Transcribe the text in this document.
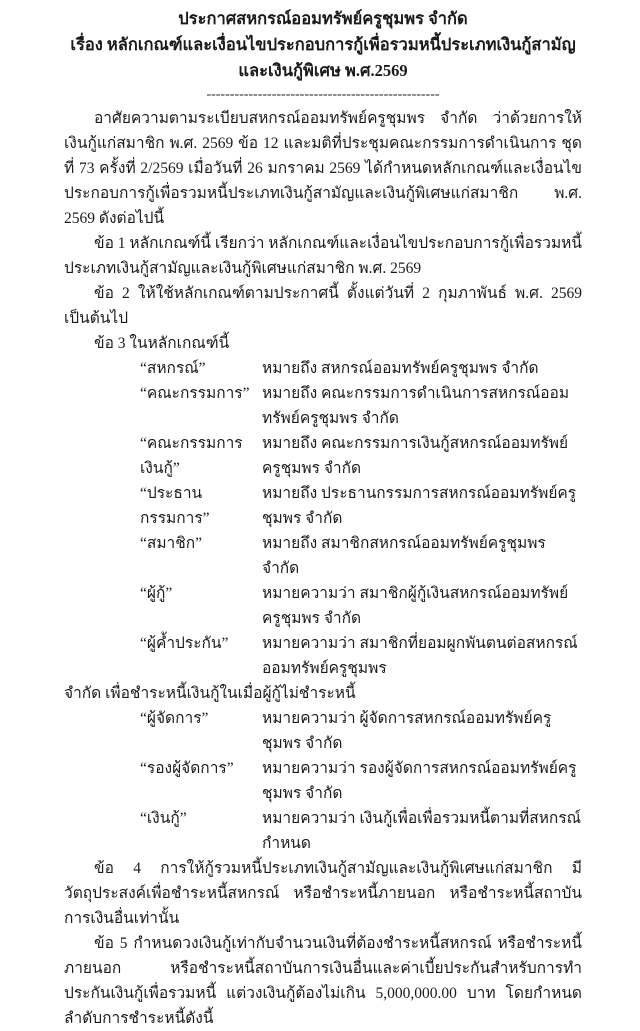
ประกาศสหกรณ์ออมทรัพย์ครูชุมพร จำกัด
เรื่อง หลักเกณฑ์และเงื่อนไขประกอบการกู้เพื่อรวมหนี้ประเภทเงินกู้สามัญและเงินกู้พิเศษ พ.ศ.2569
--------------------------------------------------

อาศัยความตามระเบียบสหกรณ์ออมทรัพย์ครูชุมพร จำกัด ว่าด้วยการให้เงินกู้แก่สมาชิก พ.ศ. 2569 ข้อ 12 และมติที่ประชุมคณะกรรมการดำเนินการ ชุดที่ 73 ครั้งที่ 2/2569 เมื่อวันที่ 26 มกราคม 2569 ได้กำหนดหลักเกณฑ์และเงื่อนไขประกอบการกู้เพื่อรวมหนี้ประเภทเงินกู้สามัญและเงินกู้พิเศษแก่สมาชิก พ.ศ. 2569 ดังต่อไปนี้

ข้อ 1 หลักเกณฑ์นี้ เรียกว่า หลักเกณฑ์และเงื่อนไขประกอบการกู้เพื่อรวมหนี้ประเภทเงินกู้สามัญและเงินกู้พิเศษแก่สมาชิก พ.ศ. 2569

ข้อ 2 ให้ใช้หลักเกณฑ์ตามประกาศนี้ ตั้งแต่วันที่ 2 กุมภาพันธ์ พ.ศ. 2569 เป็นต้นไป

ข้อ 3 ในหลักเกณฑ์นี้

“สหกรณ์”	หมายถึง สหกรณ์ออมทรัพย์ครูชุมพร จำกัด
“คณะกรรมการ” หมายถึง คณะกรรมการดำเนินการสหกรณ์ออมทรัพย์ครูชุมพร จำกัด
“คณะกรรมการเงินกู้”
หมายถึง คณะกรรมการเงินกู้สหกรณ์ออมทรัพย์ครูชุมพร จำกัด
“ประธานกรรมการ”
หมายถึง ประธานกรรมการสหกรณ์ออมทรัพย์ครูชุมพร จำกัด
“สมาชิก”	หมายถึง สมาชิกสหกรณ์ออมทรัพย์ครูชุมพร จำกัด
“ผู้กู้”	หมายความว่า สมาชิกผู้กู้เงินสหกรณ์ออมทรัพย์ครูชุมพร จำกัด
“ผู้ค้ำประกัน”	หมายความว่า สมาชิกที่ยอมผูกพันตนต่อสหกรณ์ออมทรัพย์ครูชุมพร
จำกัด เพื่อชำระหนี้เงินกู้ในเมื่อผู้กู้ไม่ชำระหนี้
“ผู้จัดการ”	หมายความว่า ผู้จัดการสหกรณ์ออมทรัพย์ครูชุมพร จำกัด
“รองผู้จัดการ”	หมายความว่า รองผู้จัดการสหกรณ์ออมทรัพย์ครูชุมพร จำกัด
“เงินกู้”	หมายความว่า เงินกู้เพื่อเพื่อรวมหนี้ตามที่สหกรณ์กำหนด

ข้อ 4 การให้กู้รวมหนี้ประเภทเงินกู้สามัญและเงินกู้พิเศษแก่สมาชิก มีวัตถุประสงค์เพื่อชำระหนี้สหกรณ์ หรือชำระหนี้ภายนอก หรือชำระหนี้สถาบันการเงินอื่นเท่านั้น

ข้อ 5 กำหนดวงเงินกู้เท่ากับจำนวนเงินที่ต้องชำระหนี้สหกรณ์ หรือชำระหนี้ภายนอก หรือชำระหนี้สถาบันการเงินอื่นและค่าเบี้ยประกันสำหรับการทำประกันเงินกู้เพื่อรวมหนี้ แต่วงเงินกู้ต้องไม่เกิน 5,000,000.00 บาท โดยกำหนดลำดับการชำระหนี้ดังนี้
